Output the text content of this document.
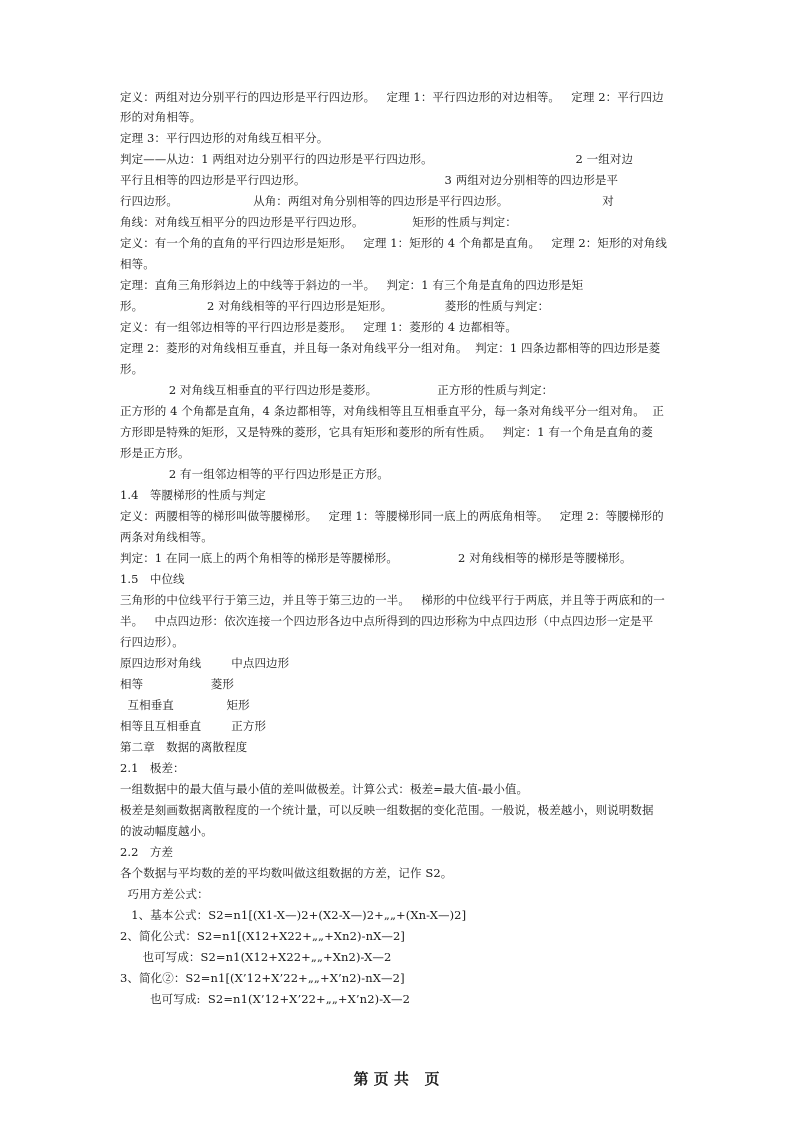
定义：两组对边分别平行的四边形是平行四边形。   定理 1：平行四边形的对边相等。   定理 2：平行四边
形的对角相等。
定理 3：平行四边形的对角线互相平分。
判定——从边：1 两组对边分别平行的四边形是平行四边形。                                      2 一组对边
平行且相等的四边形是平行四边形。                                     3 两组对边分别相等的四边形是平
行四边形。                    从角：两组对角分别相等的四边形是平行四边形。                         对
角线：对角线互相平分的四边形是平行四边形。             矩形的性质与判定：
定义：有一个角的直角的平行四边形是矩形。   定理 1：矩形的 4 个角都是直角。   定理 2：矩形的对角线
相等。
定理：直角三角形斜边上的中线等于斜边的一半。   判定：1 有三个角是直角的四边形是矩
形。                 2 对角线相等的平行四边形是矩形。              菱形的性质与判定：
定义：有一组邻边相等的平行四边形是菱形。   定理 1：菱形的 4 边都相等。
定理 2：菱形的对角线相互垂直，并且每一条对角线平分一组对角。  判定：1 四条边都相等的四边形是菱
形。
2 对角线互相垂直的平行四边形是菱形。                正方形的性质与判定：
正方形的 4 个角都是直角，4 条边都相等，对角线相等且互相垂直平分，每一条对角线平分一组对角。  正
方形即是特殊的矩形，又是特殊的菱形，它具有矩形和菱形的所有性质。   判定：1 有一个角是直角的菱
形是正方形。
2 有一组邻边相等的平行四边形是正方形。
1.4   等腰梯形的性质与判定
定义：两腰相等的梯形叫做等腰梯形。   定理 1：等腰梯形同一底上的两底角相等。   定理 2：等腰梯形的
两条对角线相等。
判定：1 在同一底上的两个角相等的梯形是等腰梯形。                2 对角线相等的梯形是等腰梯形。
1.5   中位线
三角形的中位线平行于第三边，并且等于第三边的一半。   梯形的中位线平行于两底，并且等于两底和的一
半。   中点四边形：依次连接一个四边形各边中点所得到的四边形称为中点四边形（中点四边形一定是平
行四边形）。
原四边形对角线        中点四边形
相等                  菱形
互相垂直              矩形
相等且互相垂直        正方形
第二章   数据的离散程度
2.1   极差：
一组数据中的最大值与最小值的差叫做极差。计算公式：极差=最大值-最小值。
极差是刻画数据离散程度的一个统计量，可以反映一组数据的变化范围。一般说，极差越小，则说明数据
的波动幅度越小。
2.2   方差
各个数据与平均数的差的平均数叫做这组数据的方差，记作 S2。
巧用方差公式：
1、基本公式：S2=n1[(X1-X—)2+(X2-X—)2+„„+(Xn-X—)2]
2、简化公式：S2=n1[(X12+X22+„„+Xn2)-nX—2]
也可写成：S2=n1(X12+X22+„„+Xn2)-X—2
3、简化②：S2=n1[(X’12+X’22+„„+X’n2)-nX—2]
也可写成:  S2=n1(X’12+X’22+„„+X’n2)-X—2
第 页 共   页
